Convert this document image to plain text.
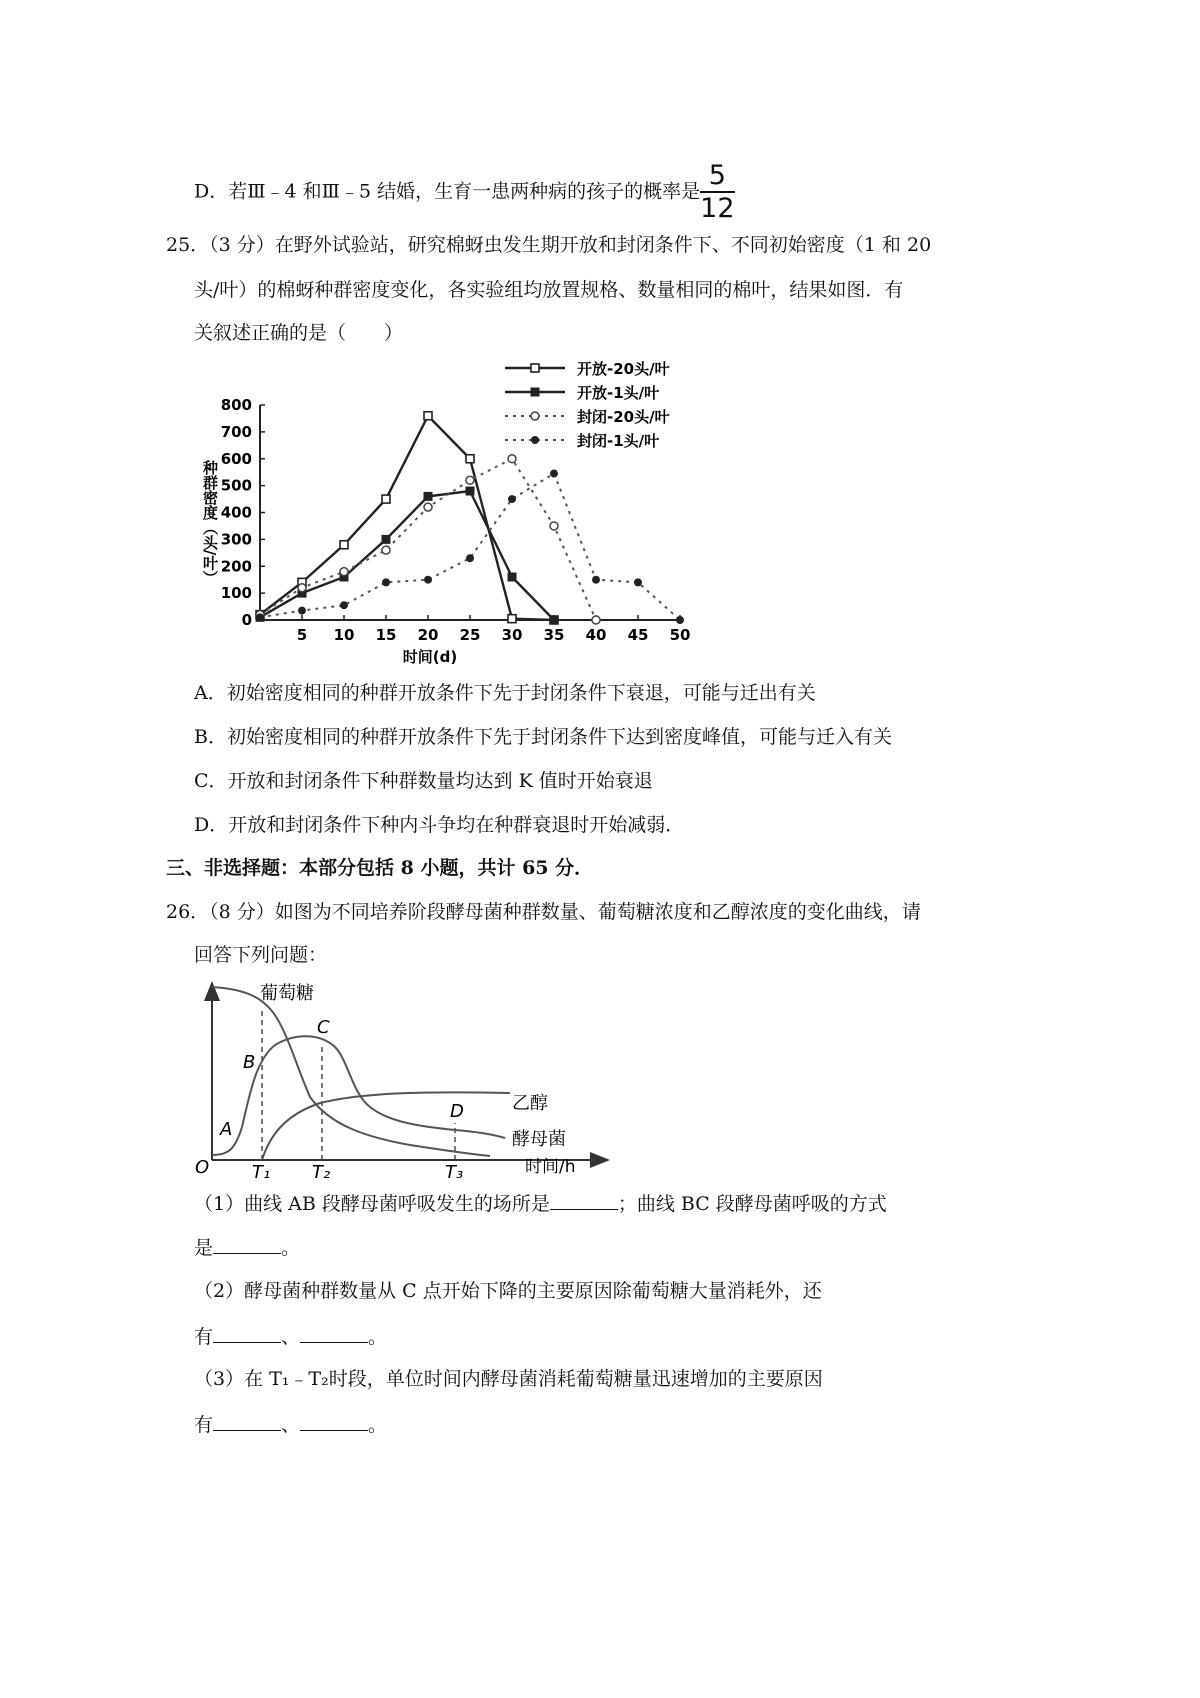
D．若Ⅲ﹣4 和Ⅲ﹣5 结婚，生育一患两种病的孩子的概率是 $\frac{5}{12}$
25．（3 分）在野外试验站，研究棉蚜虫发生期开放和封闭条件下、不同初始密度（1 和 20
头/叶）的棉蚜种群密度变化，各实验组均放置规格、数量相同的棉叶，结果如图．有
关叙述正确的是（　　）
0
100
200
300
400
500
600
700
800
5 10 15 20 25 30 35 40 45 50
种群密度（头/叶）
时间(d)
开放-20头/叶
开放-1头/叶
封闭-20头/叶
封闭-1头/叶
A．初始密度相同的种群开放条件下先于封闭条件下衰退，可能与迁出有关
B．初始密度相同的种群开放条件下先于封闭条件下达到密度峰值，可能与迁入有关
C．开放和封闭条件下种群数量均达到 K 值时开始衰退
D．开放和封闭条件下种内斗争均在种群衰退时开始减弱．
三、非选择题：本部分包括 8 小题，共计 65 分．
26．（8 分）如图为不同培养阶段酵母菌种群数量、葡萄糖浓度和乙醇浓度的变化曲线，请
回答下列问题：
葡萄糖
乙醇
酵母菌
A
B
C
D
O T₁ T₂	T₃	时间/h
（1）曲线 AB 段酵母菌呼吸发生的场所是	；曲线 BC 段酵母菌呼吸的方式
是	。
（2）酵母菌种群数量从 C 点开始下降的主要原因除葡萄糖大量消耗外，还
有	、	。
（3）在 T₁﹣T₂时段，单位时间内酵母菌消耗葡萄糖量迅速增加的主要原因
有	、	。
